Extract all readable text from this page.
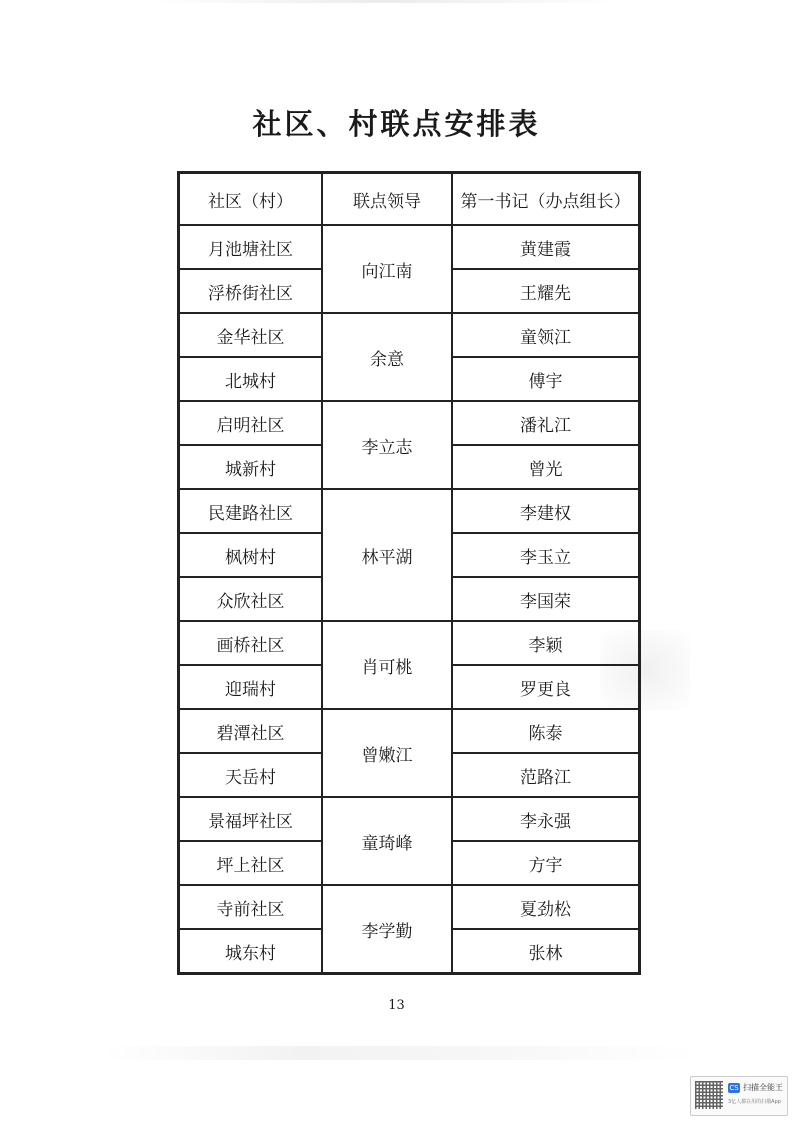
社区、村联点安排表
社区（村）	联点领导	第一书记（办点组长）
月池塘社区	向江南	黄建霞
浮桥街社区		王耀先
金华社区	余意	童领江
北城村		傅宇
启明社区	李立志	潘礼江
城新村		曾光
民建路社区	林平湖	李建权
枫树村		李玉立
众欣社区		李国荣
画桥社区	肖可桃	李颖
迎瑞村		罗更良
碧潭社区	曾嫩江	陈泰
天岳村		范路江
景福坪社区	童琦峰	李永强
坪上社区		方宇
寺前社区	李学勤	夏劲松
城东村		张林
13
CS 扫描全能王
3亿人都在用的扫描App
